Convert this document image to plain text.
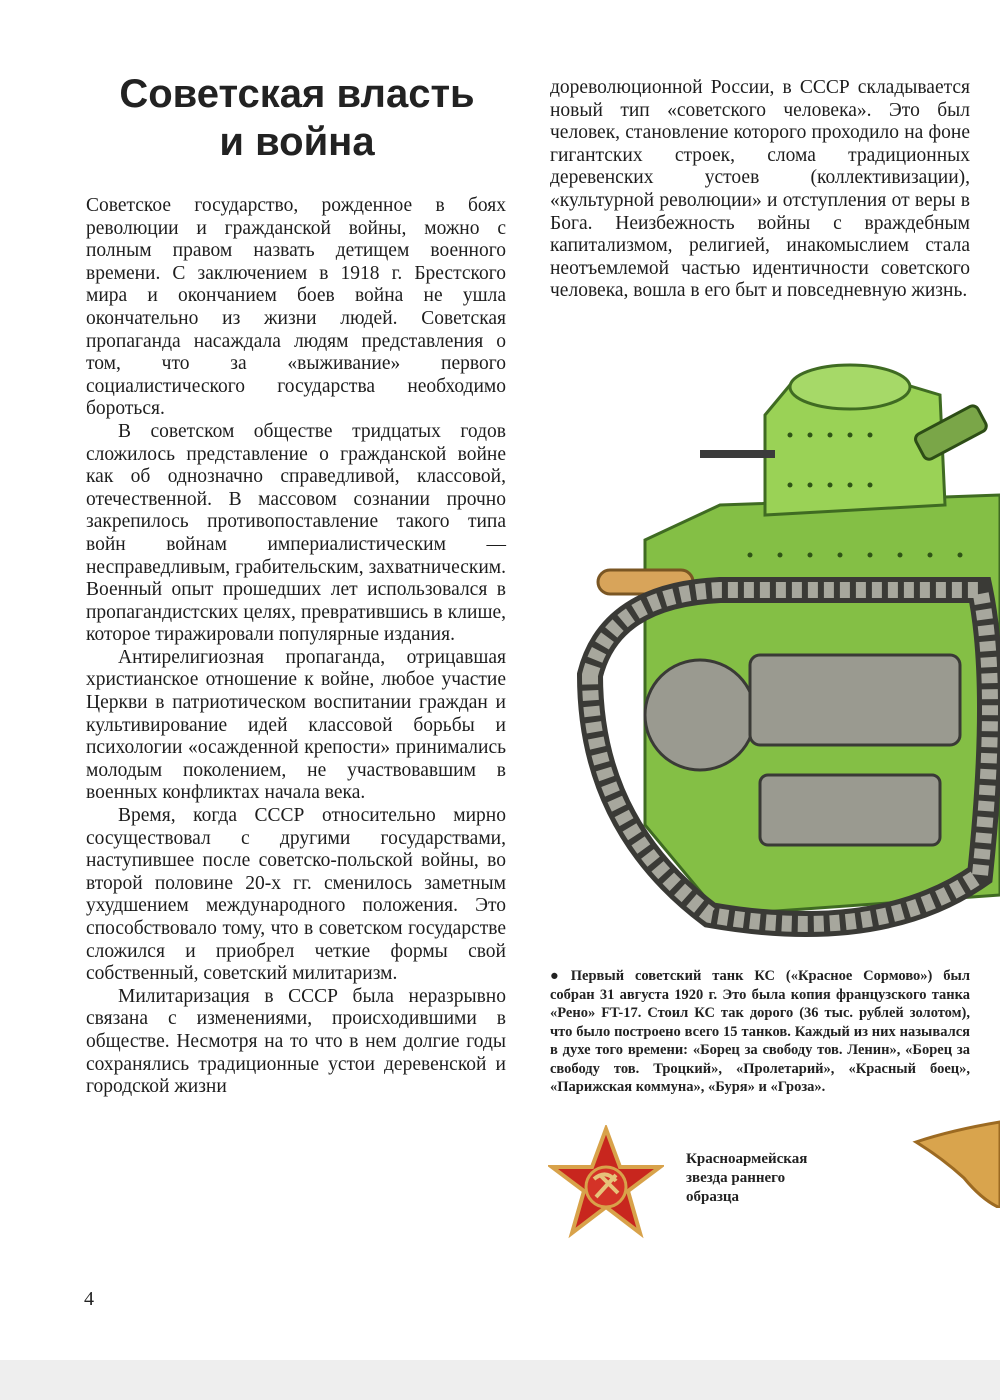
Советская власть
и война

Советское государство, рожденное в боях революции и гражданской войны, можно с полным правом назвать детищем военного времени. С заключением в 1918 г. Брестского мира и окончанием боев война не ушла окончательно из жизни людей. Советская пропаганда насаждала людям представления о том, что за «выживание» первого социалистического государства необходимо бороться.

В советском обществе тридцатых годов сложилось представление о гражданской войне как об однозначно справедливой, классовой, отечественной. В массовом сознании прочно закрепилось противопоставление такого типа войн войнам империалистическим — несправедливым, грабительским, захватническим. Военный опыт прошедших лет использовался в пропагандистских целях, превратившись в клише, которое тиражировали популярные издания.

Антирелигиозная пропаганда, отрицавшая христианское отношение к войне, любое участие Церкви в патриотическом воспитании граждан и культивирование идей классовой борьбы и психологии «осажденной крепости» принимались молодым поколением, не участвовавшим в военных конфликтах начала века.

Время, когда СССР относительно мирно сосуществовал с другими государствами, наступившее после советско-польской войны, во второй половине 20-х гг. сменилось заметным ухудшением международного положения. Это способствовало тому, что в советском государстве сложился и приобрел четкие формы свой собственный, советский милитаризм.

Милитаризация в СССР была неразрывно связана с изменениями, происходившими в обществе. Несмотря на то что в нем долгие годы сохранялись традиционные устои деревенской и городской жизни

дореволюционной России, в СССР складывается новый тип «советского человека». Это был человек, становление которого проходило на фоне гигантских строек, слома традиционных деревенских устоев (коллективизации), «культурной революции» и отступления от веры в Бога. Неизбежность войны с враждебным капитализмом, религией, инакомыслием стала неотъемлемой частью идентичности советского человека, вошла в его быт и повседневную жизнь.

● Первый советский танк КС («Красное Сормово») был собран 31 августа 1920 г. Это была копия французского танка «Рено» FT-17. Стоил КС так дорого (36 тыс. рублей золотом), что было построено всего 15 танков. Каждый из них назывался в духе того времени: «Борец за свободу тов. Ленин», «Борец за свободу тов. Троцкий», «Пролетарий», «Красный боец», «Парижская коммуна», «Буря» и «Гроза».
Красноармейская
звезда раннего
образца
4
